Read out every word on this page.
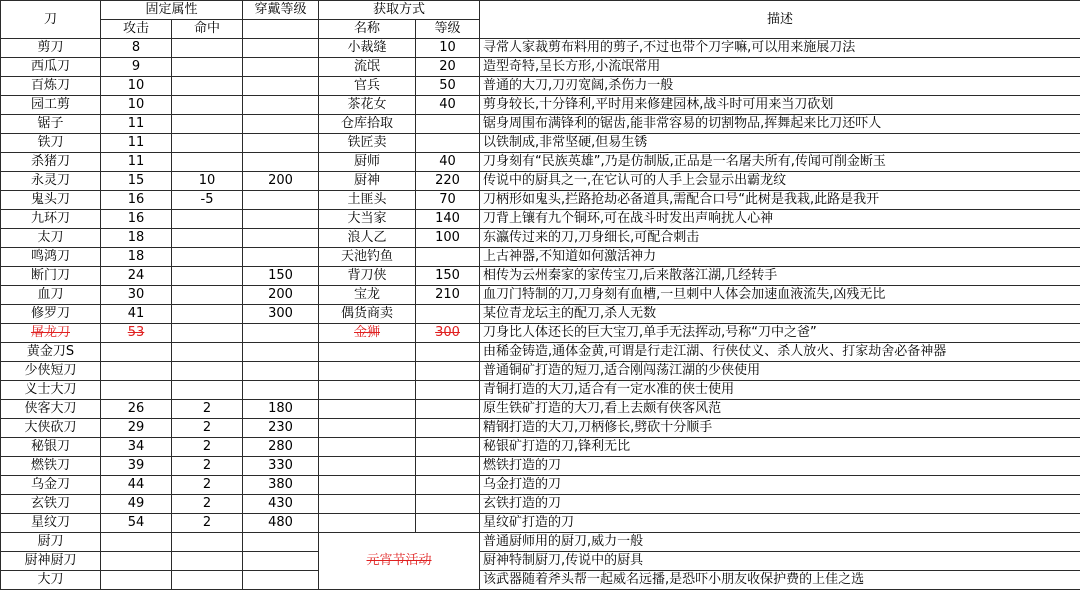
刀	固定属性		穿戴等级	获取方式		描述
	攻击	命中		名称	等级	
剪刀	8			小裁缝	10	寻常人家裁剪布料用的剪子,不过也带个刀字嘛,可以用来施展刀法
西瓜刀	9			流氓	20	造型奇特,呈长方形,小流氓常用
百炼刀	10			官兵	50	普通的大刀,刀刃宽阔,杀伤力一般
园工剪	10			茶花女	40	剪身较长,十分锋利,平时用来修建园林,战斗时可用来当刀砍划
锯子	11			仓库拾取		锯身周围布满锋利的锯齿,能非常容易的切割物品,挥舞起来比刀还吓人
铁刀	11			铁匠卖		以铁制成,非常坚硬,但易生锈
杀猪刀	11			厨师	40	刀身刻有“民族英雄”,乃是仿制版,正品是一名屠夫所有,传闻可削金断玉
永灵刀	15	10	200	厨神	220	传说中的厨具之一,在它认可的人手上会显示出霸龙纹
鬼头刀	16	-5		土匪头	70	刀柄形如鬼头,拦路抢劫必备道具,需配合口号“此树是我栽,此路是我开
九环刀	16			大当家	140	刀背上镶有九个铜环,可在战斗时发出声响扰人心神
太刀	18			浪人乙	100	东瀛传过来的刀,刀身细长,可配合刺击
鸣鸿刀	18			天池钓鱼		上古神器,不知道如何激活神力
断门刀	24		150	背刀侠	150	相传为云州秦家的家传宝刀,后来散落江湖,几经转手
血刀	30		200	宝龙	210	血刀门特制的刀,刀身刻有血槽,一旦刺中人体会加速血液流失,凶残无比
修罗刀	41		300	偶货商卖		某位青龙坛主的配刀,杀人无数
屠龙刀	53			金狮	300	刀身比人体还长的巨大宝刀,单手无法挥动,号称“刀中之爸”
黄金刀S						由稀金铸造,通体金黄,可谓是行走江湖、行侠仗义、杀人放火、打家劫舍必备神器
少侠短刀						普通铜矿打造的短刀,适合刚闯荡江湖的少侠使用
义士大刀						青铜打造的大刀,适合有一定水准的侠士使用
侠客大刀	26	2	180			原生铁矿打造的大刀,看上去颇有侠客风范
大侠砍刀	29	2	230			精钢打造的大刀,刀柄修长,劈砍十分顺手
秘银刀	34	2	280			秘银矿打造的刀,锋利无比
燃铁刀	39	2	330			燃铁打造的刀
乌金刀	44	2	380			乌金打造的刀
玄铁刀	49	2	430			玄铁打造的刀
星纹刀	54	2	480			星纹矿打造的刀
厨刀				元宵节活动		普通厨师用的厨刀,威力一般
厨神厨刀						厨神特制厨刀,传说中的厨具
大刀						该武器随着斧头帮一起威名远播,是恐吓小朋友收保护费的上佳之选
